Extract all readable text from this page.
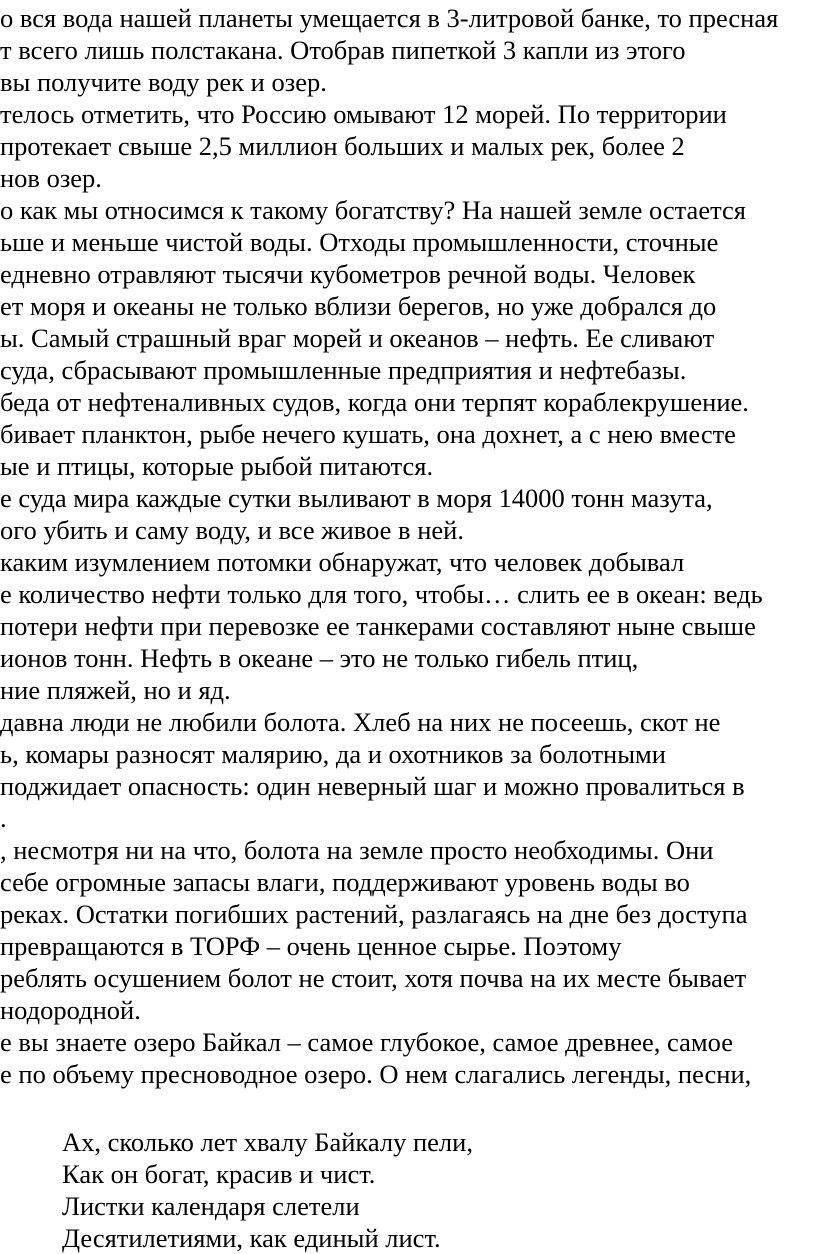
о вся вода нашей планеты умещается в 3-литровой банке, то пресная
т всего лишь полстакана. Отобрав пипеткой 3 капли из этого
вы получите воду рек и озер.
телось отметить, что Россию омывают 12 морей. По территории
протекает свыше 2,5 миллион больших и малых рек, более 2
нов озер.
о как мы относимся к такому богатству? На нашей земле остается
ьше и меньше чистой воды. Отходы промышленности, сточные
едневно отравляют тысячи кубометров речной воды. Человек
ет моря и океаны не только вблизи берегов, но уже добрался до
ы. Самый страшный враг морей и океанов – нефть. Ее сливают
суда, сбрасывают промышленные предприятия и нефтебазы.
беда от нефтеналивных судов, когда они терпят кораблекрушение.
бивает планктон, рыбе нечего кушать, она дохнет, а с нею вместе
ые и птицы, которые рыбой питаются.
е суда мира каждые сутки выливают в моря 14000 тонн мазута,
ого убить и саму воду, и все живое в ней.
каким изумлением потомки обнаружат, что человек добывал
е количество нефти только для того, чтобы… слить ее в океан: ведь
потери нефти при перевозке ее танкерами составляют ныне свыше
ионов тонн. Нефть в океане – это не только гибель птиц,
ние пляжей, но и яд.
давна люди не любили болота. Хлеб на них не посеешь, скот не
ь, комары разносят малярию, да и охотников за болотными
поджидает опасность: один неверный шаг и можно провалиться в
.
, несмотря ни на что, болота на земле просто необходимы. Они
себе огромные запасы влаги, поддерживают уровень воды во
реках. Остатки погибших растений, разлагаясь на дне без доступа
превращаются в ТОРФ – очень ценное сырье. Поэтому
реблять осушением болот не стоит, хотя почва на их месте бывает
нодородной.
е вы знаете озеро Байкал – самое глубокое, самое древнее, самое
е по объему пресноводное озеро. О нем слагались легенды, песни,
Ах, сколько лет хвалу Байкалу пели,
Как он богат, красив и чист.
Листки календаря слетели
Десятилетиями, как единый лист.
